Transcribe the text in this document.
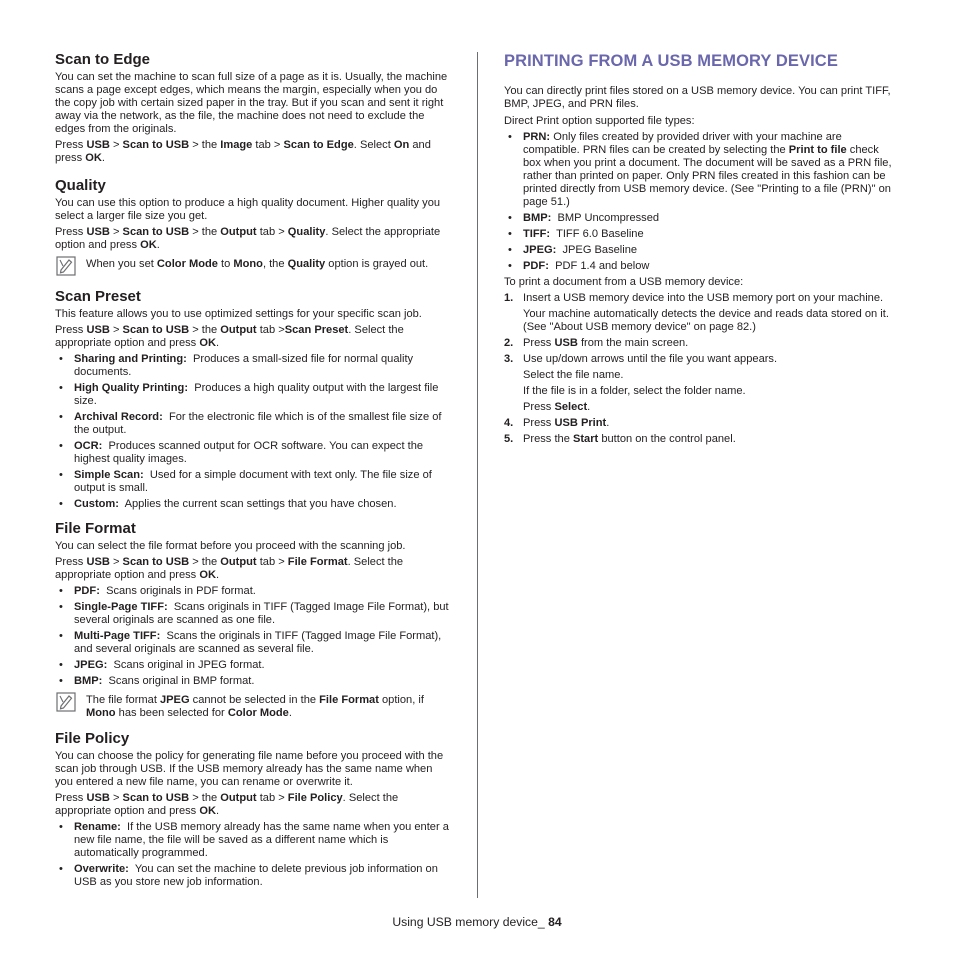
Scan to Edge

You can set the machine to scan full size of a page as it is. Usually, the machine scans a page except edges, which means the margin, especially when you do the copy job with certain sized paper in the tray. But if you scan and sent it right away via the network, as the file, the machine does not need to exclude the edges from the originals.

Press USB > Scan to USB > the Image tab > Scan to Edge. Select On and press OK.

Quality

You can use this option to produce a high quality document. Higher quality you select a larger file size you get.

Press USB > Scan to USB > the Output tab > Quality. Select the appropriate option and press OK.

When you set Color Mode to Mono, the Quality option is grayed out.
Scan Preset

This feature allows you to use optimized settings for your specific scan job.

Press USB > Scan to USB > the Output tab >Scan Preset. Select the appropriate option and press OK.

• Sharing and Printing: Produces a small-sized file for normal quality documents.
• High Quality Printing: Produces a high quality output with the largest file size.
• Archival Record: For the electronic file which is of the smallest file size of the output.
• OCR: Produces scanned output for OCR software. You can expect the highest quality images.
• Simple Scan: Used for a simple document with text only. The file size of output is small.
• Custom: Applies the current scan settings that you have chosen.
File Format

You can select the file format before you proceed with the scanning job.

Press USB > Scan to USB > the Output tab > File Format. Select the appropriate option and press OK.

• PDF: Scans originals in PDF format.
• Single-Page TIFF: Scans originals in TIFF (Tagged Image File Format), but several originals are scanned as one file.
• Multi-Page TIFF: Scans the originals in TIFF (Tagged Image File Format), and several originals are scanned as several file.
• JPEG: Scans original in JPEG format.
• BMP: Scans original in BMP format.
The file format JPEG cannot be selected in the File Format option, if Mono has been selected for Color Mode.
File Policy

You can choose the policy for generating file name before you proceed with the scan job through USB. If the USB memory already has the same name when you entered a new file name, you can rename or overwrite it.

Press USB > Scan to USB > the Output tab > File Policy. Select the appropriate option and press OK.

• Rename: If the USB memory already has the same name when you enter a new file name, the file will be saved as a different name which is automatically programmed.
• Overwrite: You can set the machine to delete previous job information on USB as you store new job information.
PRINTING FROM A USB MEMORY DEVICE

You can directly print files stored on a USB memory device. You can print TIFF, BMP, JPEG, and PRN files.

Direct Print option supported file types:

• PRN: Only files created by provided driver with your machine are compatible. PRN files can be created by selecting the Print to file check box when you print a document. The document will be saved as a PRN file, rather than printed on paper. Only PRN files created in this fashion can be printed directly from USB memory device. (See "Printing to a file (PRN)" on page 51.)
• BMP: BMP Uncompressed
• TIFF: TIFF 6.0 Baseline
• JPEG: JPEG Baseline
• PDF: PDF 1.4 and below

To print a document from a USB memory device:

1. Insert a USB memory device into the USB memory port on your machine.

Your machine automatically detects the device and reads data stored on it. (See "About USB memory device" on page 82.)

2. Press USB from the main screen.

3. Use up/down arrows until the file you want appears.

Select the file name.

If the file is in a folder, select the folder name.

Press Select.

4. Press USB Print.

5. Press the Start button on the control panel.

Using USB memory device_ 84
